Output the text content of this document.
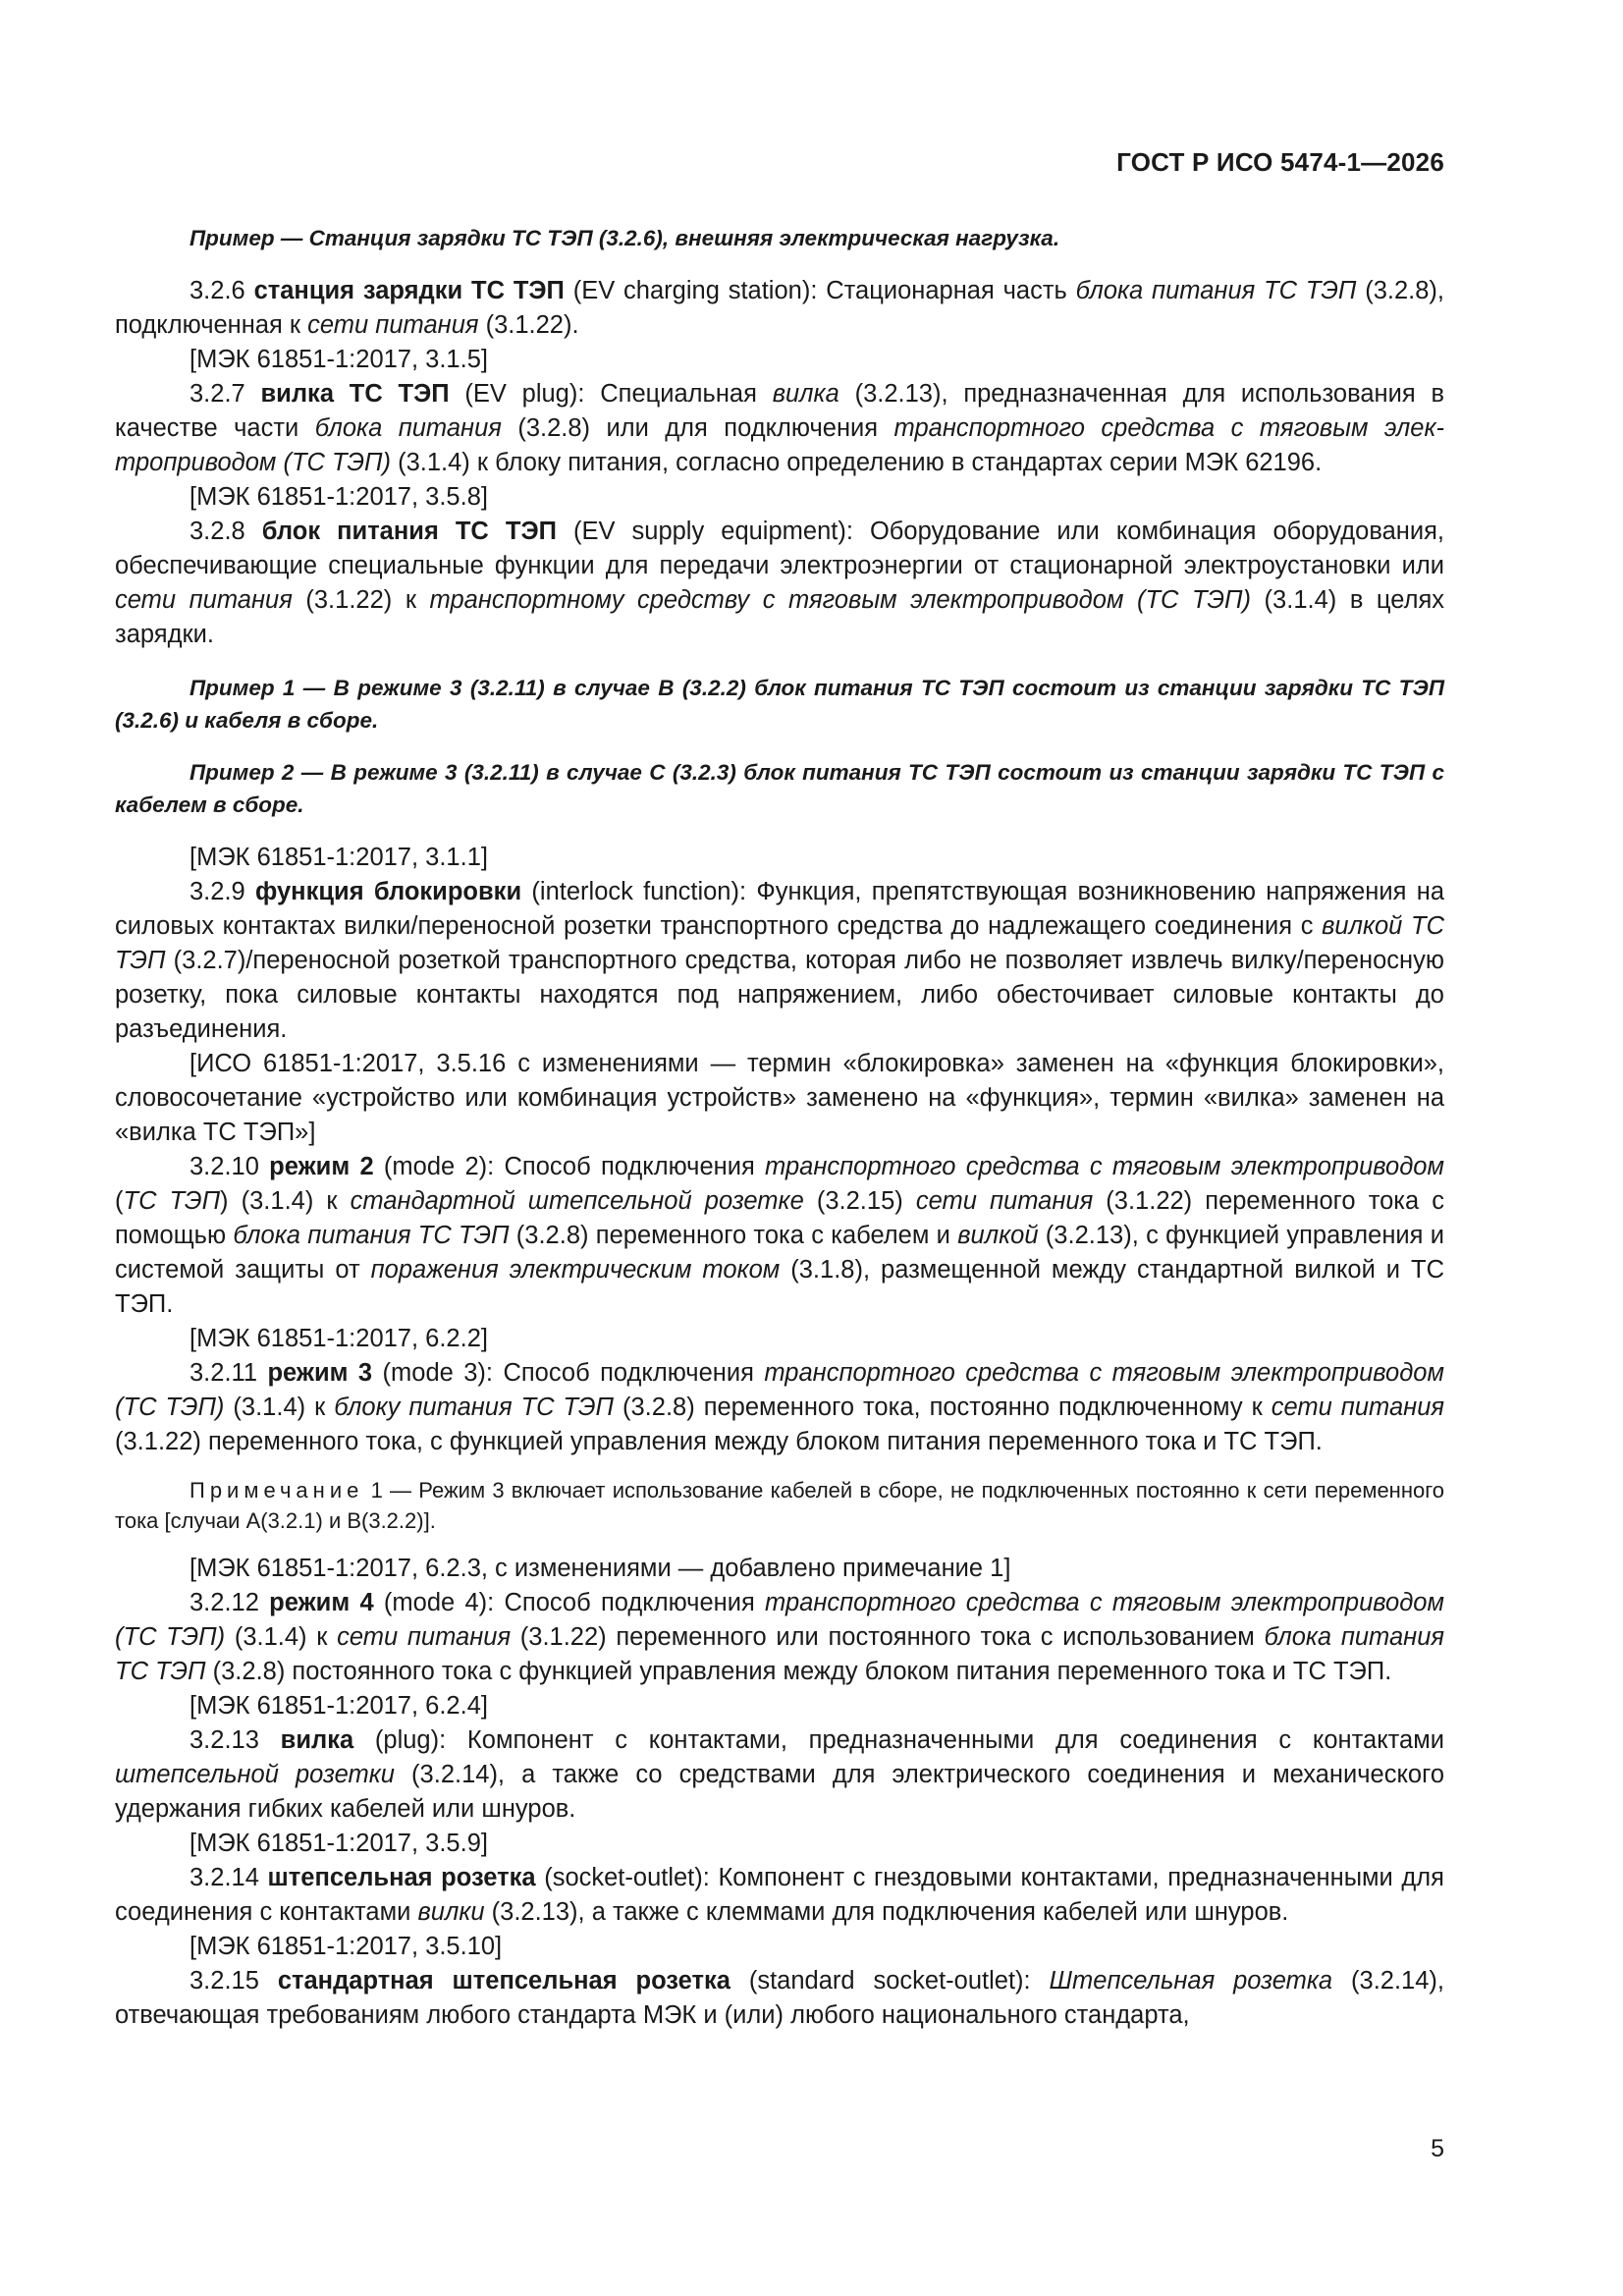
ГОСТ Р ИСО 5474-1—2026

Пример — Станция зарядки ТС ТЭП (3.2.6), внешняя электрическая нагрузка.

3.2.6 станция зарядки ТС ТЭП (EV charging station): Стационарная часть блока питания ТС ТЭП (3.2.8), подключенная к сети питания (3.1.22).

[МЭК 61851-1:2017, 3.1.5]

3.2.7 вилка ТС ТЭП (EV plug): Специальная вилка (3.2.13), предназначенная для использования в качестве части блока питания (3.2.8) или для подключения транспортного средства с тяговым электроприводом (ТС ТЭП) (3.1.4) к блоку питания, согласно определению в стандартах серии МЭК 62196.

[МЭК 61851-1:2017, 3.5.8]

3.2.8 блок питания ТС ТЭП (EV supply equipment): Оборудование или комбинация оборудования, обеспечивающие специальные функции для передачи электроэнергии от стационарной электроустановки или сети питания (3.1.22) к транспортному средству с тяговым электроприводом (ТС ТЭП) (3.1.4) в целях зарядки.

Пример 1 — В режиме 3 (3.2.11) в случае В (3.2.2) блок питания ТС ТЭП состоит из станции зарядки ТС ТЭП (3.2.6) и кабеля в сборе.

Пример 2 — В режиме 3 (3.2.11) в случае С (3.2.3) блок питания ТС ТЭП состоит из станции зарядки ТС ТЭП с кабелем в сборе.

[МЭК 61851-1:2017, 3.1.1]

3.2.9 функция блокировки (interlock function): Функция, препятствующая возникновению напряжения на силовых контактах вилки/переносной розетки транспортного средства до надлежащего соединения с вилкой ТС ТЭП (3.2.7)/переносной розеткой транспортного средства, которая либо не позволяет извлечь вилку/переносную розетку, пока силовые контакты находятся под напряжением, либо обесточивает силовые контакты до разъединения.

[ИСО 61851-1:2017, 3.5.16 с изменениями — термин «блокировка» заменен на «функция блокировки», словосочетание «устройство или комбинация устройств» заменено на «функция», термин «вилка» заменен на «вилка ТС ТЭП»]

3.2.10 режим 2 (mode 2): Способ подключения транспортного средства с тяговым электроприводом (ТС ТЭП) (3.1.4) к стандартной штепсельной розетке (3.2.15) сети питания (3.1.22) переменного тока с помощью блока питания ТС ТЭП (3.2.8) переменного тока с кабелем и вилкой (3.2.13), с функцией управления и системой защиты от поражения электрическим током (3.1.8), размещенной между стандартной вилкой и ТС ТЭП.

[МЭК 61851-1:2017, 6.2.2]

3.2.11 режим 3 (mode 3): Способ подключения транспортного средства с тяговым электроприводом (ТС ТЭП) (3.1.4) к блоку питания ТС ТЭП (3.2.8) переменного тока, постоянно подключенному к сети питания (3.1.22) переменного тока, с функцией управления между блоком питания переменного тока и ТС ТЭП.

Примечание 1 — Режим 3 включает использование кабелей в сборе, не подключенных постоянно к сети переменного тока [случаи А(3.2.1) и В(3.2.2)].

[МЭК 61851-1:2017, 6.2.3, с изменениями — добавлено примечание 1]

3.2.12 режим 4 (mode 4): Способ подключения транспортного средства с тяговым электроприводом (ТС ТЭП) (3.1.4) к сети питания (3.1.22) переменного или постоянного тока с использованием блока питания ТС ТЭП (3.2.8) постоянного тока с функцией управления между блоком питания переменного тока и ТС ТЭП.

[МЭК 61851-1:2017, 6.2.4]

3.2.13 вилка (plug): Компонент с контактами, предназначенными для соединения с контактами штепсельной розетки (3.2.14), а также со средствами для электрического соединения и механического удержания гибких кабелей или шнуров.

[МЭК 61851-1:2017, 3.5.9]

3.2.14 штепсельная розетка (socket-outlet): Компонент с гнездовыми контактами, предназначенными для соединения с контактами вилки (3.2.13), а также с клеммами для подключения кабелей или шнуров.

[МЭК 61851-1:2017, 3.5.10]

3.2.15 стандартная штепсельная розетка (standard socket-outlet): Штепсельная розетка (3.2.14), отвечающая требованиям любого стандарта МЭК и (или) любого национального стандарта,

5
